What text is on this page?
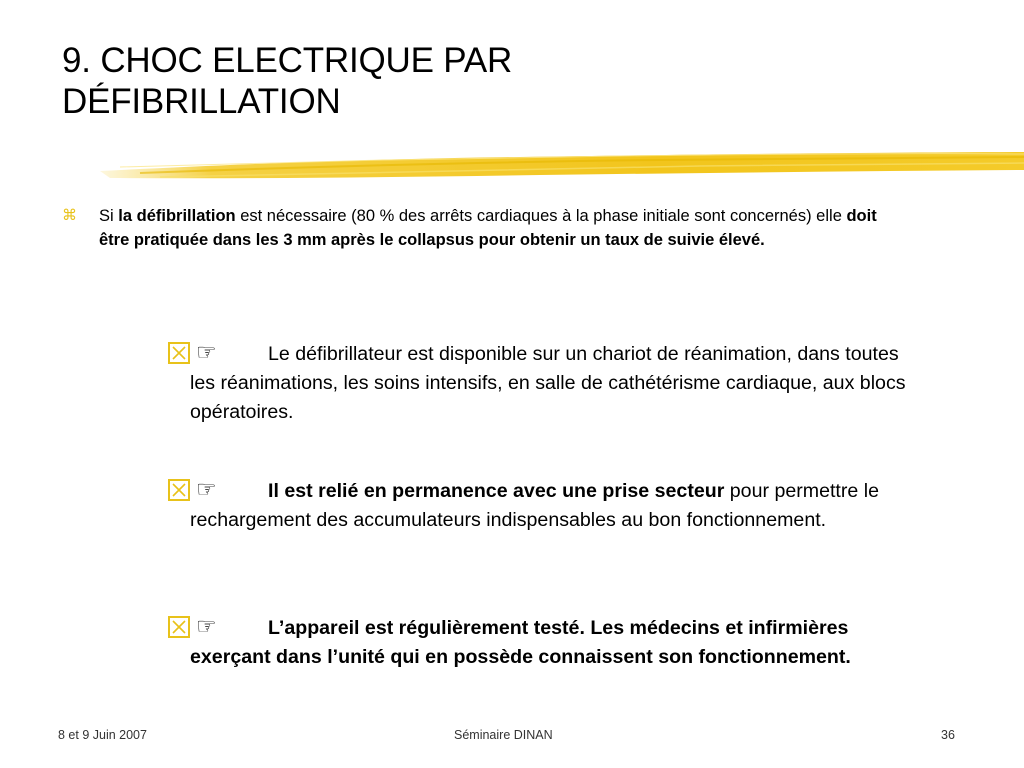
9. CHOC ELECTRIQUE PAR
DÉFIBRILLATION
⌘ Si la défibrillation est nécessaire (80 % des arrêts cardiaques à la phase initiale sont concernés) elle doit être pratiquée dans les 3 mm après le collapsus pour obtenir un taux de suivie élevé.
☞	Le défibrillateur est disponible sur un chariot de réanimation, dans toutes les réanimations, les soins intensifs, en salle de cathétérisme cardiaque, aux blocs opératoires.
☞	Il est relié en permanence avec une prise secteur pour permettre le rechargement des accumulateurs indispensables au bon fonctionnement.
☞	L’appareil est régulièrement testé. Les médecins et infirmières exerçant dans l’unité qui en possède connaissent son fonctionnement.
8 et 9 Juin 2007	Séminaire DINAN	36
